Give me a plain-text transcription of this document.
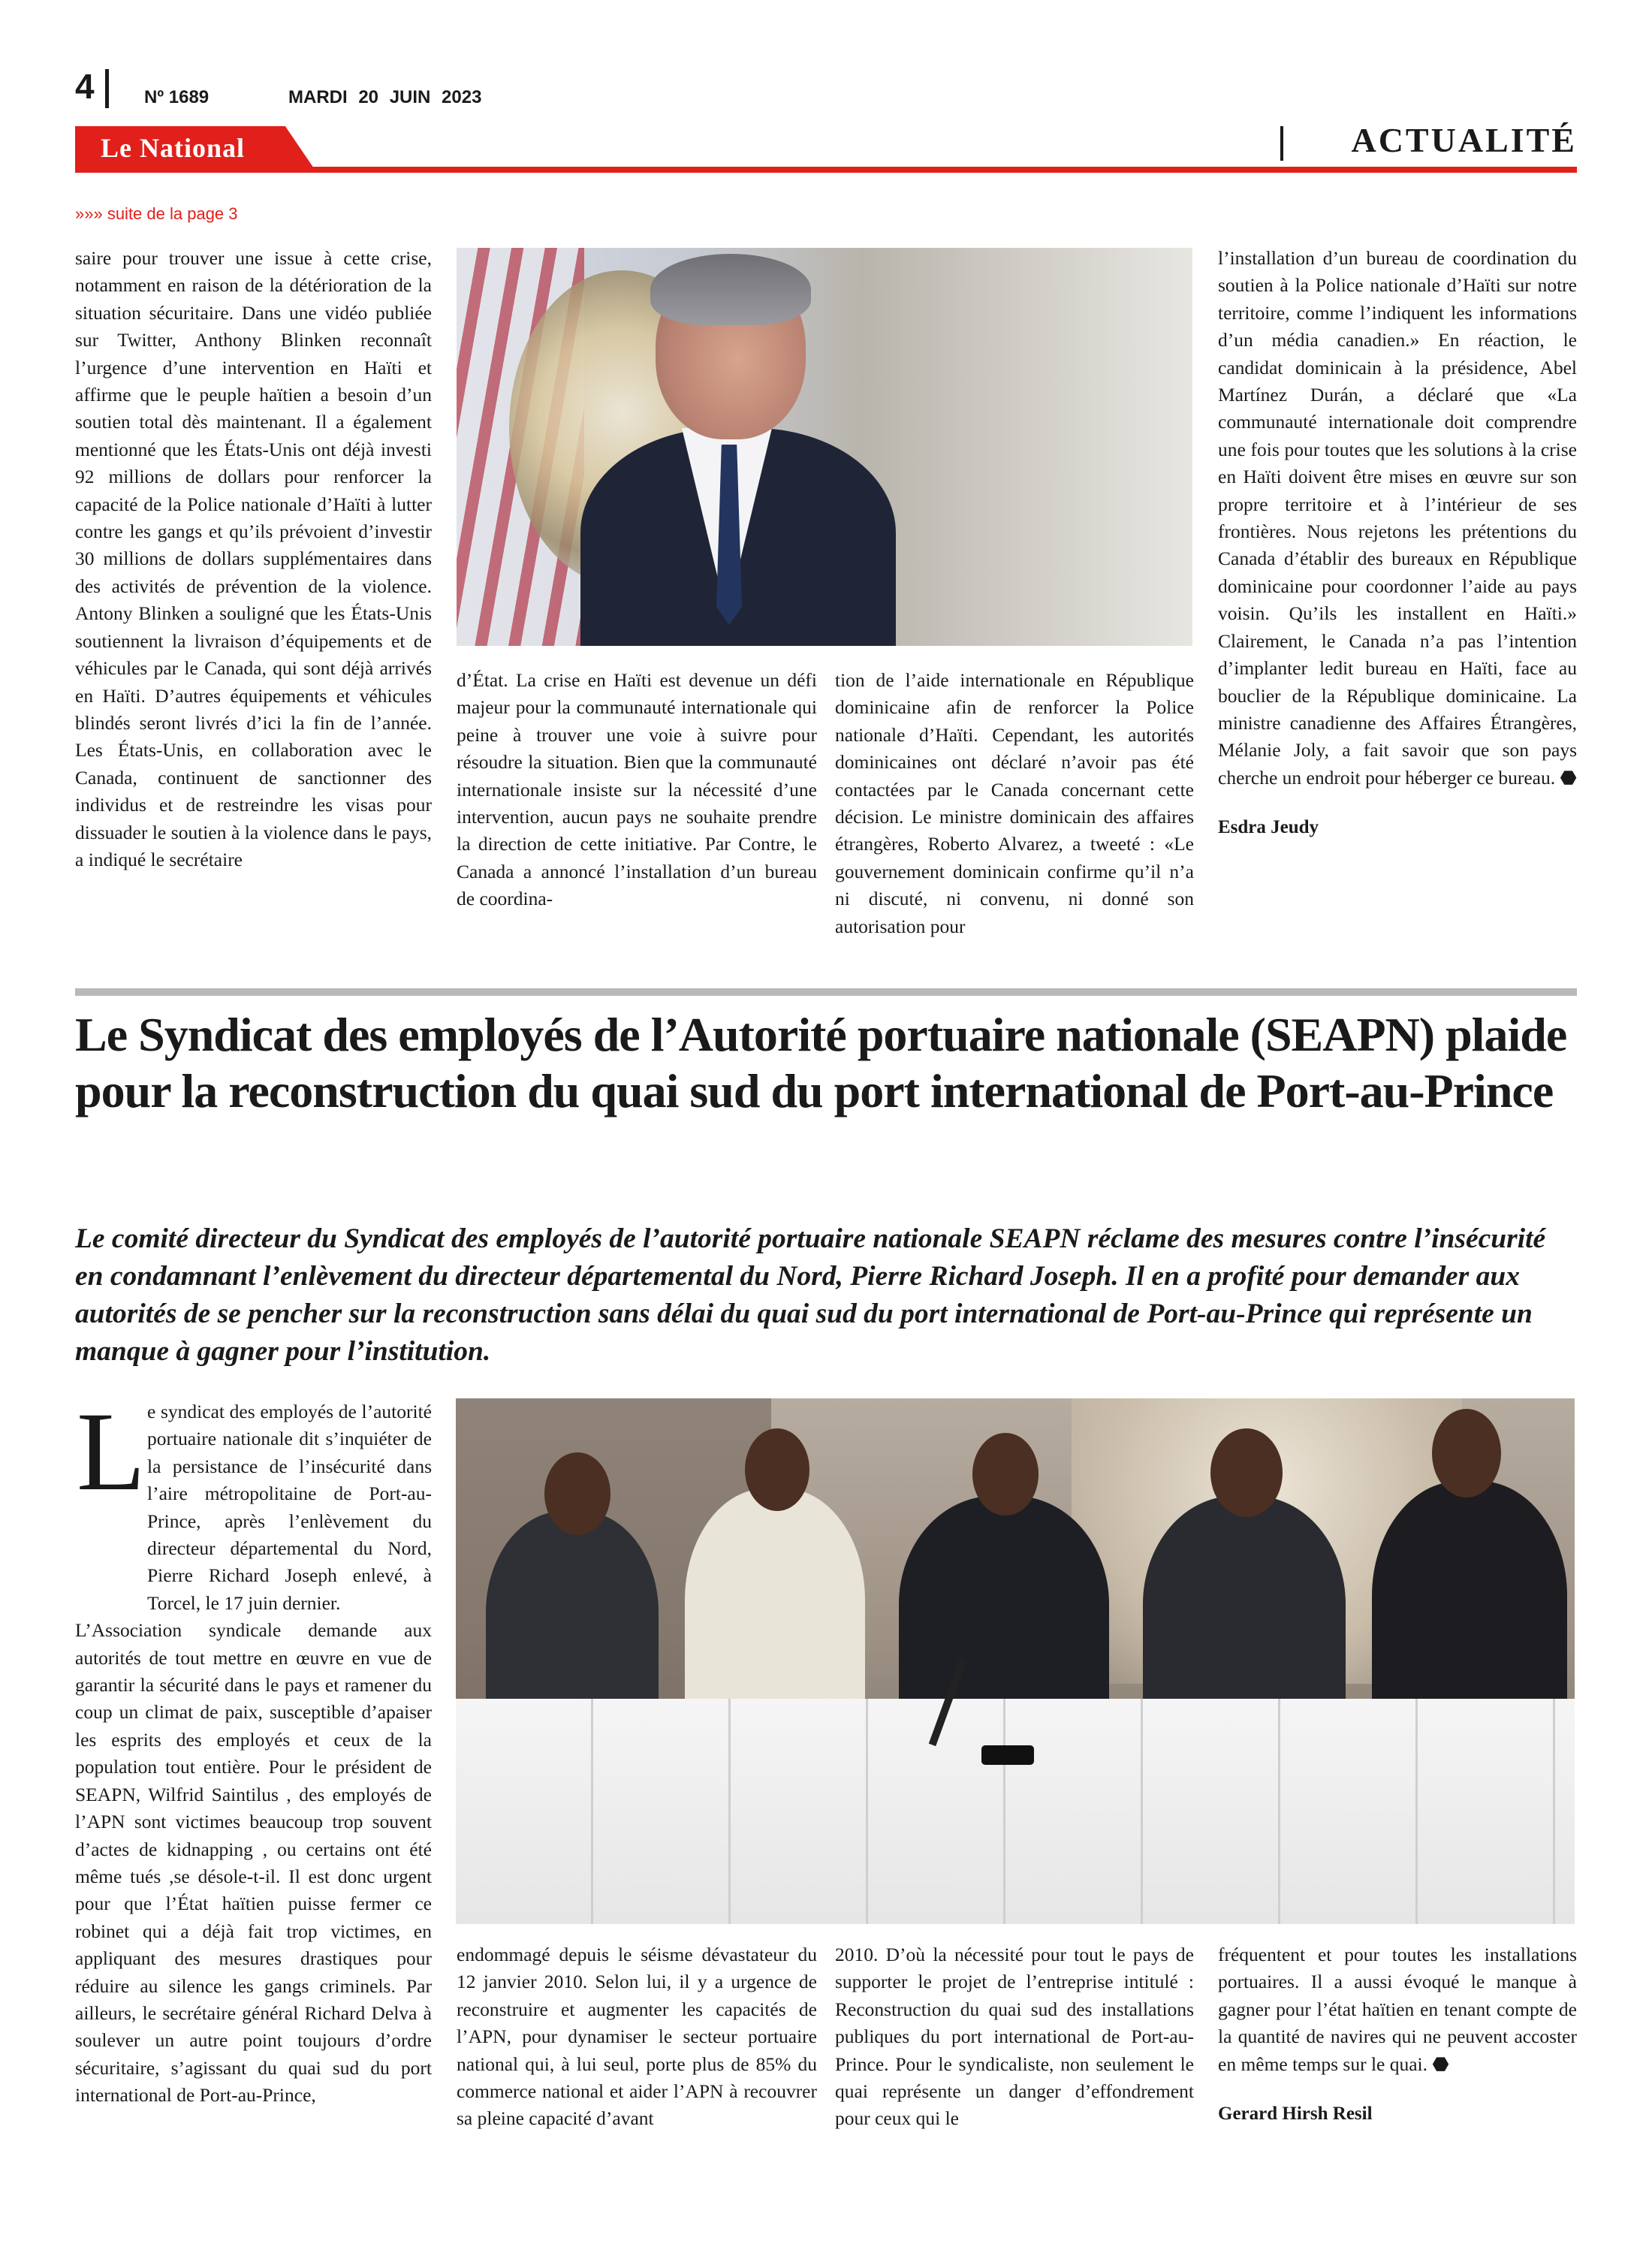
4	Nº 1689	MARDI 20 JUIN 2023
Le National	ACTUALITÉ
»»» suite de la page 3

saire pour trouver une issue à cette crise, notamment en raison de la détérioration de la situation sécuritaire. Dans une vidéo publiée sur Twitter, Anthony Blinken reconnaît l’urgence d’une intervention en Haïti et affirme que le peuple haïtien a besoin d’un soutien total dès maintenant. Il a également mentionné que les États-Unis ont déjà investi 92 millions de dollars pour renforcer la capacité de la Police nationale d’Haïti à lutter contre les gangs et qu’ils prévoient d’investir 30 millions de dollars supplémentaires dans des activités de prévention de la violence. Antony Blinken a souligné que les États-Unis soutiennent la livraison d’équipements et de véhicules par le Canada, qui sont déjà arrivés en Haïti. D’autres équipements et véhicules blindés seront livrés d’ici la fin de l’année. Les États-Unis, en collaboration avec le Canada, continuent de sanctionner des individus et de restreindre les visas pour dissuader le soutien à la violence dans le pays, a indiqué le secrétaire

d’État. La crise en Haïti est devenue un défi majeur pour la communauté internationale qui peine à trouver une voie à suivre pour résoudre la situation. Bien que la communauté internationale insiste sur la nécessité d’une intervention, aucun pays ne souhaite prendre la direction de cette initiative. Par Contre, le Canada a annoncé l’installation d’un bureau de coordina-

tion de l’aide internationale en République dominicaine afin de renforcer la Police nationale d’Haïti. Cependant, les autorités dominicaines ont déclaré n’avoir pas été contactées par le Canada concernant cette décision. Le ministre dominicain des affaires étrangères, Roberto Alvarez, a tweeté : «Le gouvernement dominicain confirme qu’il n’a ni discuté, ni convenu, ni donné son autorisation pour

l’installation d’un bureau de coordination du soutien à la Police nationale d’Haïti sur notre territoire, comme l’indiquent les informations d’un média canadien.» En réaction, le candidat dominicain à la présidence, Abel Martínez Durán, a déclaré que «La communauté internationale doit comprendre une fois pour toutes que les solutions à la crise en Haïti doivent être mises en œuvre sur son propre territoire et à l’intérieur de ses frontières. Nous rejetons les prétentions du Canada d’établir des bureaux en République dominicaine pour coordonner l’aide au pays voisin. Qu’ils les installent en Haïti.» Clairement, le Canada n’a pas l’intention d’implanter ledit bureau en Haïti, face au bouclier de la République dominicaine. La ministre canadienne des Affaires Étrangères, Mélanie Joly, a fait savoir que son pays cherche un endroit pour héberger ce bureau. ⬣

Esdra Jeudy

Le Syndicat des employés de l’Autorité portuaire nationale (SEAPN) plaide pour la reconstruction du quai sud du port international de Port-au-Prince
Le comité directeur du Syndicat des employés de l’autorité portuaire nationale SEAPN réclame des mesures contre l’insécurité en condamnant l’enlèvement du directeur départemental du Nord, Pierre Richard Joseph. Il en a profité pour demander aux autorités de se pencher sur la reconstruction sans délai du quai sud du port international de Port-au-Prince qui représente un manque à gagner pour l’institution.
L e syndicat des employés de l’autorité portuaire nationale dit s’inquiéter de la persistance de l’insécurité dans l’aire métropolitaine de Port-au-Prince, après l’enlèvement du directeur départemental du Nord, Pierre Richard Joseph enlevé, à Torcel, le 17 juin dernier.

L’Association syndicale demande aux autorités de tout mettre en œuvre en vue de garantir la sécurité dans le pays et ramener du coup un climat de paix, susceptible d’apaiser les esprits des employés et ceux de la population tout entière. Pour le président de SEAPN, Wilfrid Saintilus , des employés de l’APN sont victimes beaucoup trop souvent d’actes de kidnapping , ou certains ont été même tués ,se désole-t-il. Il est donc urgent pour que l’État haïtien puisse fermer ce robinet qui a déjà fait trop victimes, en appliquant des mesures drastiques pour réduire au silence les gangs criminels. Par ailleurs, le secrétaire général Richard Delva à soulever un autre point toujours d’ordre sécuritaire, s’agissant du quai sud du port international de Port-au-Prince,

endommagé depuis le séisme dévastateur du 12 janvier 2010. Selon lui, il y a urgence de reconstruire et augmenter les capacités de l’APN, pour dynamiser le secteur portuaire national qui, à lui seul, porte plus de 85% du commerce national et aider l’APN à recouvrer sa pleine capacité d’avant

2010. D’où la nécessité pour tout le pays de supporter le projet de l’entreprise intitulé : Reconstruction du quai sud des installations publiques du port international de Port-au-Prince. Pour le syndicaliste, non seulement le quai représente un danger d’effondrement pour ceux qui le

fréquentent et pour toutes les installations portuaires. Il a aussi évoqué le manque à gagner pour l’état haïtien en tenant compte de la quantité de navires qui ne peuvent accoster en même temps sur le quai. ⬣

Gerard Hirsh Resil
